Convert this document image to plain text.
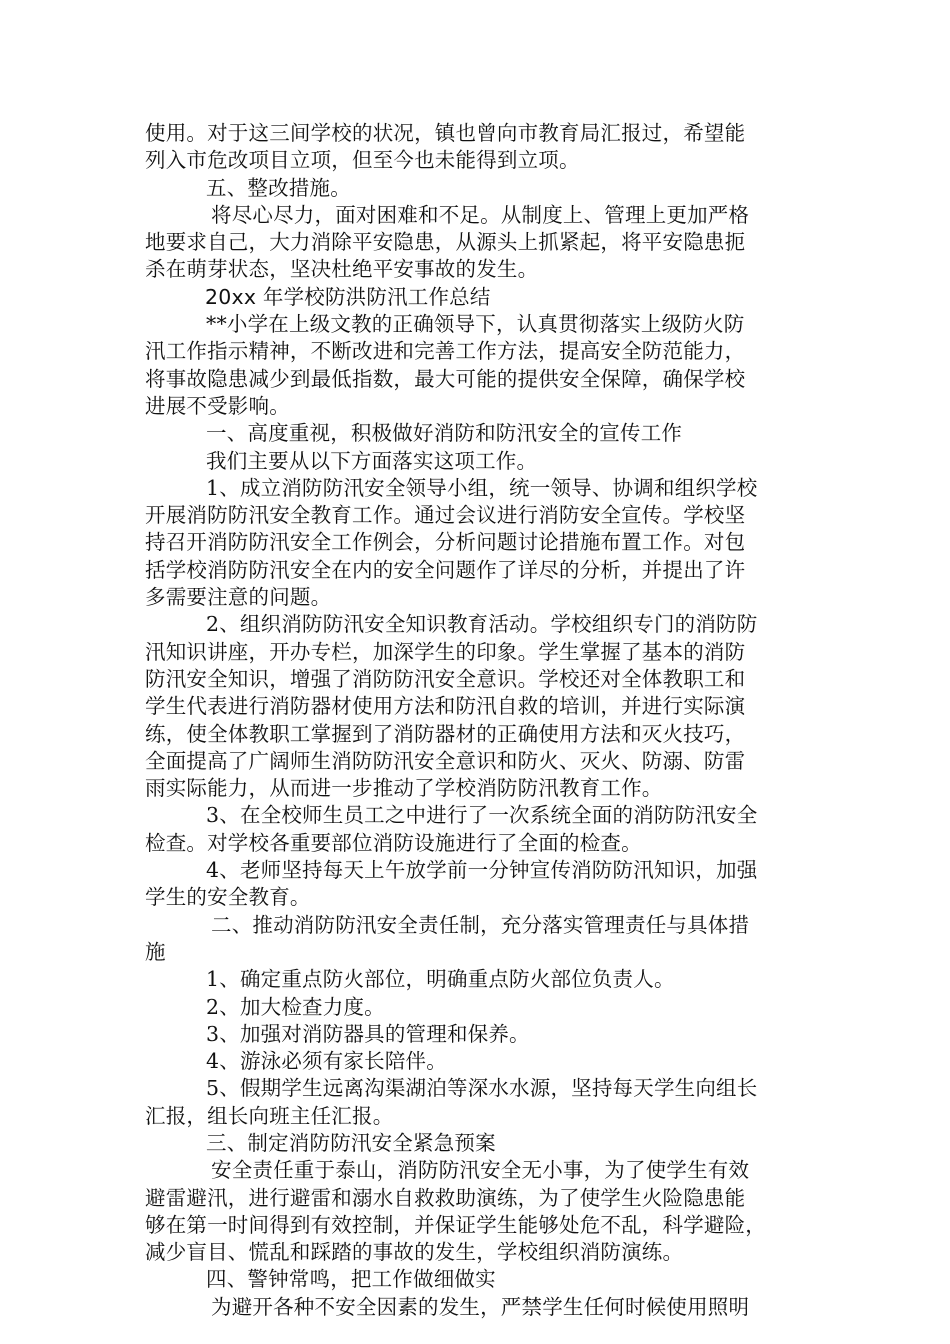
使用。对于这三间学校的状况，镇也曾向市教育局汇报过，希望能

列入市危改项目立项，但至今也未能得到立项。

五、整改措施。

将尽心尽力，面对困难和不足。从制度上、管理上更加严格

地要求自己，大力消除平安隐患，从源头上抓紧起，将平安隐患扼

杀在萌芽状态，坚决杜绝平安事故的发生。

20xx 年学校防洪防汛工作总结

**小学在上级文教的正确领导下，认真贯彻落实上级防火防

汛工作指示精神，不断改进和完善工作方法，提高安全防范能力，

将事故隐患减少到最低指数，最大可能的提供安全保障，确保学校

进展不受影响。

一、高度重视，积极做好消防和防汛安全的宣传工作

我们主要从以下方面落实这项工作。

1、成立消防防汛安全领导小组，统一领导、协调和组织学校

开展消防防汛安全教育工作。通过会议进行消防安全宣传。学校坚

持召开消防防汛安全工作例会，分析问题讨论措施布置工作。对包

括学校消防防汛安全在内的安全问题作了详尽的分析，并提出了许

多需要注意的问题。

2、组织消防防汛安全知识教育活动。学校组织专门的消防防

汛知识讲座，开办专栏，加深学生的印象。学生掌握了基本的消防

防汛安全知识，增强了消防防汛安全意识。学校还对全体教职工和

学生代表进行消防器材使用方法和防汛自救的培训，并进行实际演

练，使全体教职工掌握到了消防器材的正确使用方法和灭火技巧，

全面提高了广阔师生消防防汛安全意识和防火、灭火、防溺、防雷

雨实际能力，从而进一步推动了学校消防防汛教育工作。

3、在全校师生员工之中进行了一次系统全面的消防防汛安全

检查。对学校各重要部位消防设施进行了全面的检查。

4、老师坚持每天上午放学前一分钟宣传消防防汛知识，加强

学生的安全教育。

二、推动消防防汛安全责任制，充分落实管理责任与具体措

施

1、确定重点防火部位，明确重点防火部位负责人。

2、加大检查力度。

3、加强对消防器具的管理和保养。

4、游泳必须有家长陪伴。

5、假期学生远离沟渠湖泊等深水水源，坚持每天学生向组长

汇报，组长向班主任汇报。

三、制定消防防汛安全紧急预案

安全责任重于泰山，消防防汛安全无小事，为了使学生有效

避雷避汛，进行避雷和溺水自救救助演练，为了使学生火险隐患能

够在第一时间得到有效控制，并保证学生能够处危不乱，科学避险，

减少盲目、慌乱和踩踏的事故的发生，学校组织消防演练。

四、警钟常鸣，把工作做细做实

为避开各种不安全因素的发生，严禁学生任何时候使用照明
